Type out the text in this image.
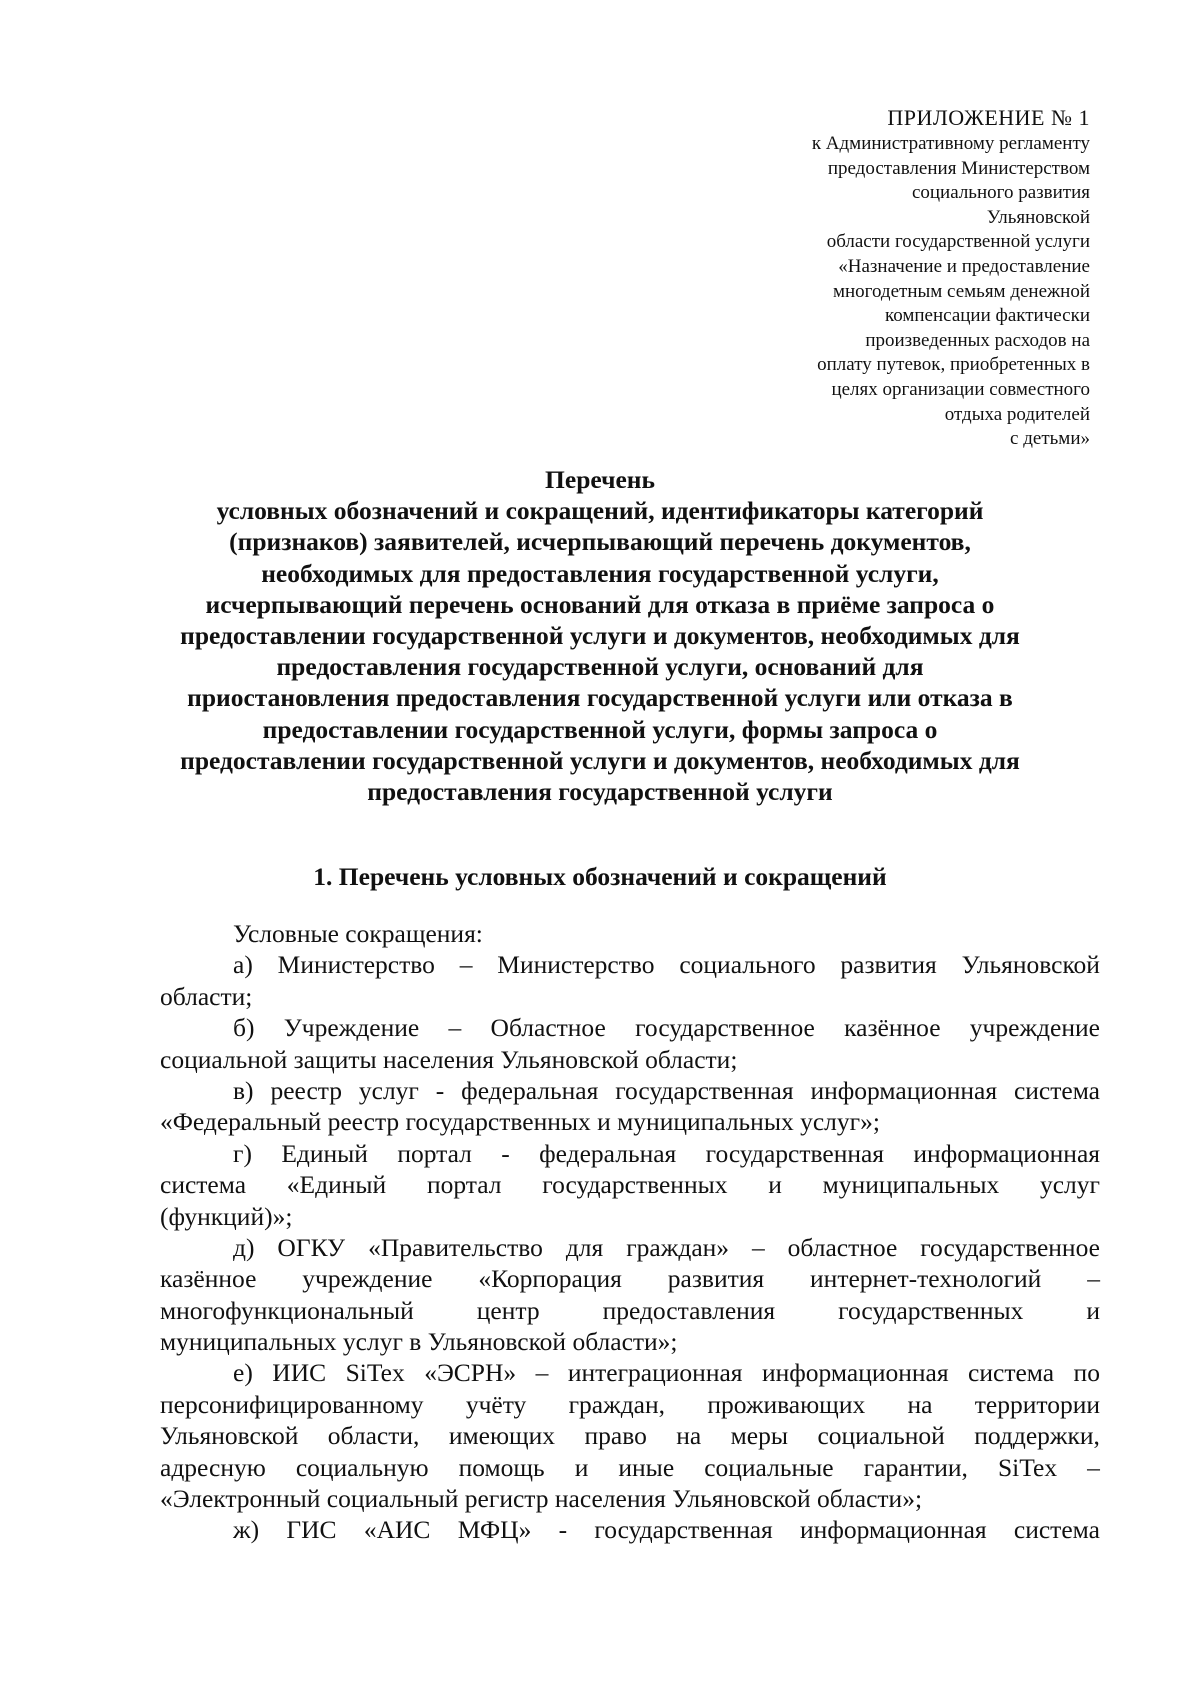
ПРИЛОЖЕНИЕ № 1
к Административному регламенту
предоставления Министерством
социального развития
Ульяновской
области государственной услуги
«Назначение и предоставление
многодетным семьям денежной
компенсации фактически
произведенных расходов на
оплату путевок, приобретенных в
целях организации совместного
отдыха родителей
с детьми»
Перечень
условных обозначений и сокращений, идентификаторы категорий
(признаков) заявителей, исчерпывающий перечень документов,
необходимых для предоставления государственной услуги,
исчерпывающий перечень оснований для отказа в приёме запроса о
предоставлении государственной услуги и документов, необходимых для
предоставления государственной услуги, оснований для
приостановления предоставления государственной услуги или отказа в
предоставлении государственной услуги, формы запроса о
предоставлении государственной услуги и документов, необходимых для
предоставления государственной услуги
1. Перечень условных обозначений и сокращений
Условные сокращения:
а) Министерство – Министерство социального развития Ульяновской
области;
б) Учреждение – Областное государственное казённое учреждение
социальной защиты населения Ульяновской области;
в) реестр услуг - федеральная государственная информационная система
«Федеральный реестр государственных и муниципальных услуг»;
г) Единый портал - федеральная государственная информационная
система «Единый портал государственных и муниципальных услуг
(функций)»;
д) ОГКУ «Правительство для граждан» – областное государственное
казённое учреждение «Корпорация развития интернет-технологий –
многофункциональный центр предоставления государственных и
муниципальных услуг в Ульяновской области»;
е) ИИС SiTex «ЭСРН» – интеграционная информационная система по
персонифицированному учёту граждан, проживающих на территории
Ульяновской области, имеющих право на меры социальной поддержки,
адресную социальную помощь и иные социальные гарантии, SiTex –
«Электронный социальный регистр населения Ульяновской области»;
ж) ГИС «АИС МФЦ» - государственная информационная система
